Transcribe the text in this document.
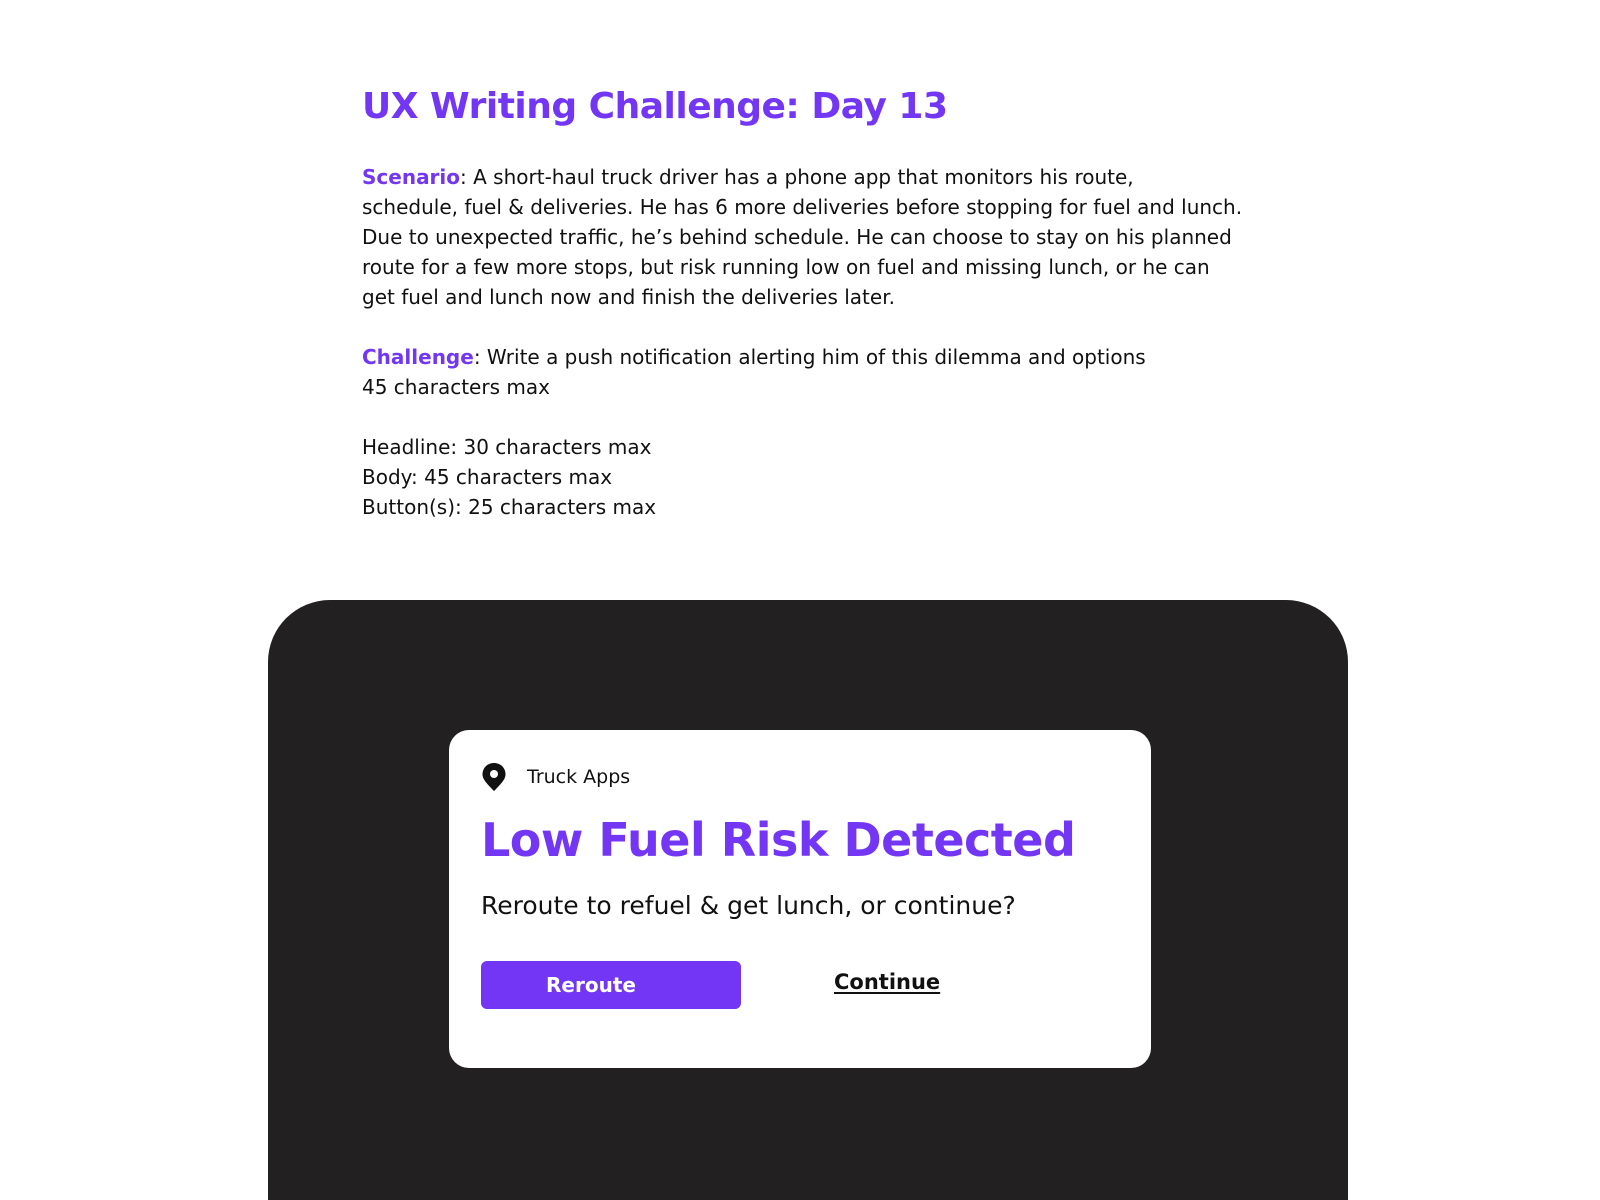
UX Writing Challenge: Day 13

Scenario: A short-haul truck driver has a phone app that monitors his route,
schedule, fuel & deliveries. He has 6 more deliveries before stopping for fuel and lunch.
Due to unexpected traffic, he’s behind schedule. He can choose to stay on his planned
route for a few more stops, but risk running low on fuel and missing lunch, or he can
get fuel and lunch now and finish the deliveries later.

Challenge: Write a push notification alerting him of this dilemma and options
45 characters max

Headline: 30 characters max
Body: 45 characters max
Button(s): 25 characters max

Truck Apps
Low Fuel Risk Detected

Reroute to refuel & get lunch, or continue?

Reroute	Continue
